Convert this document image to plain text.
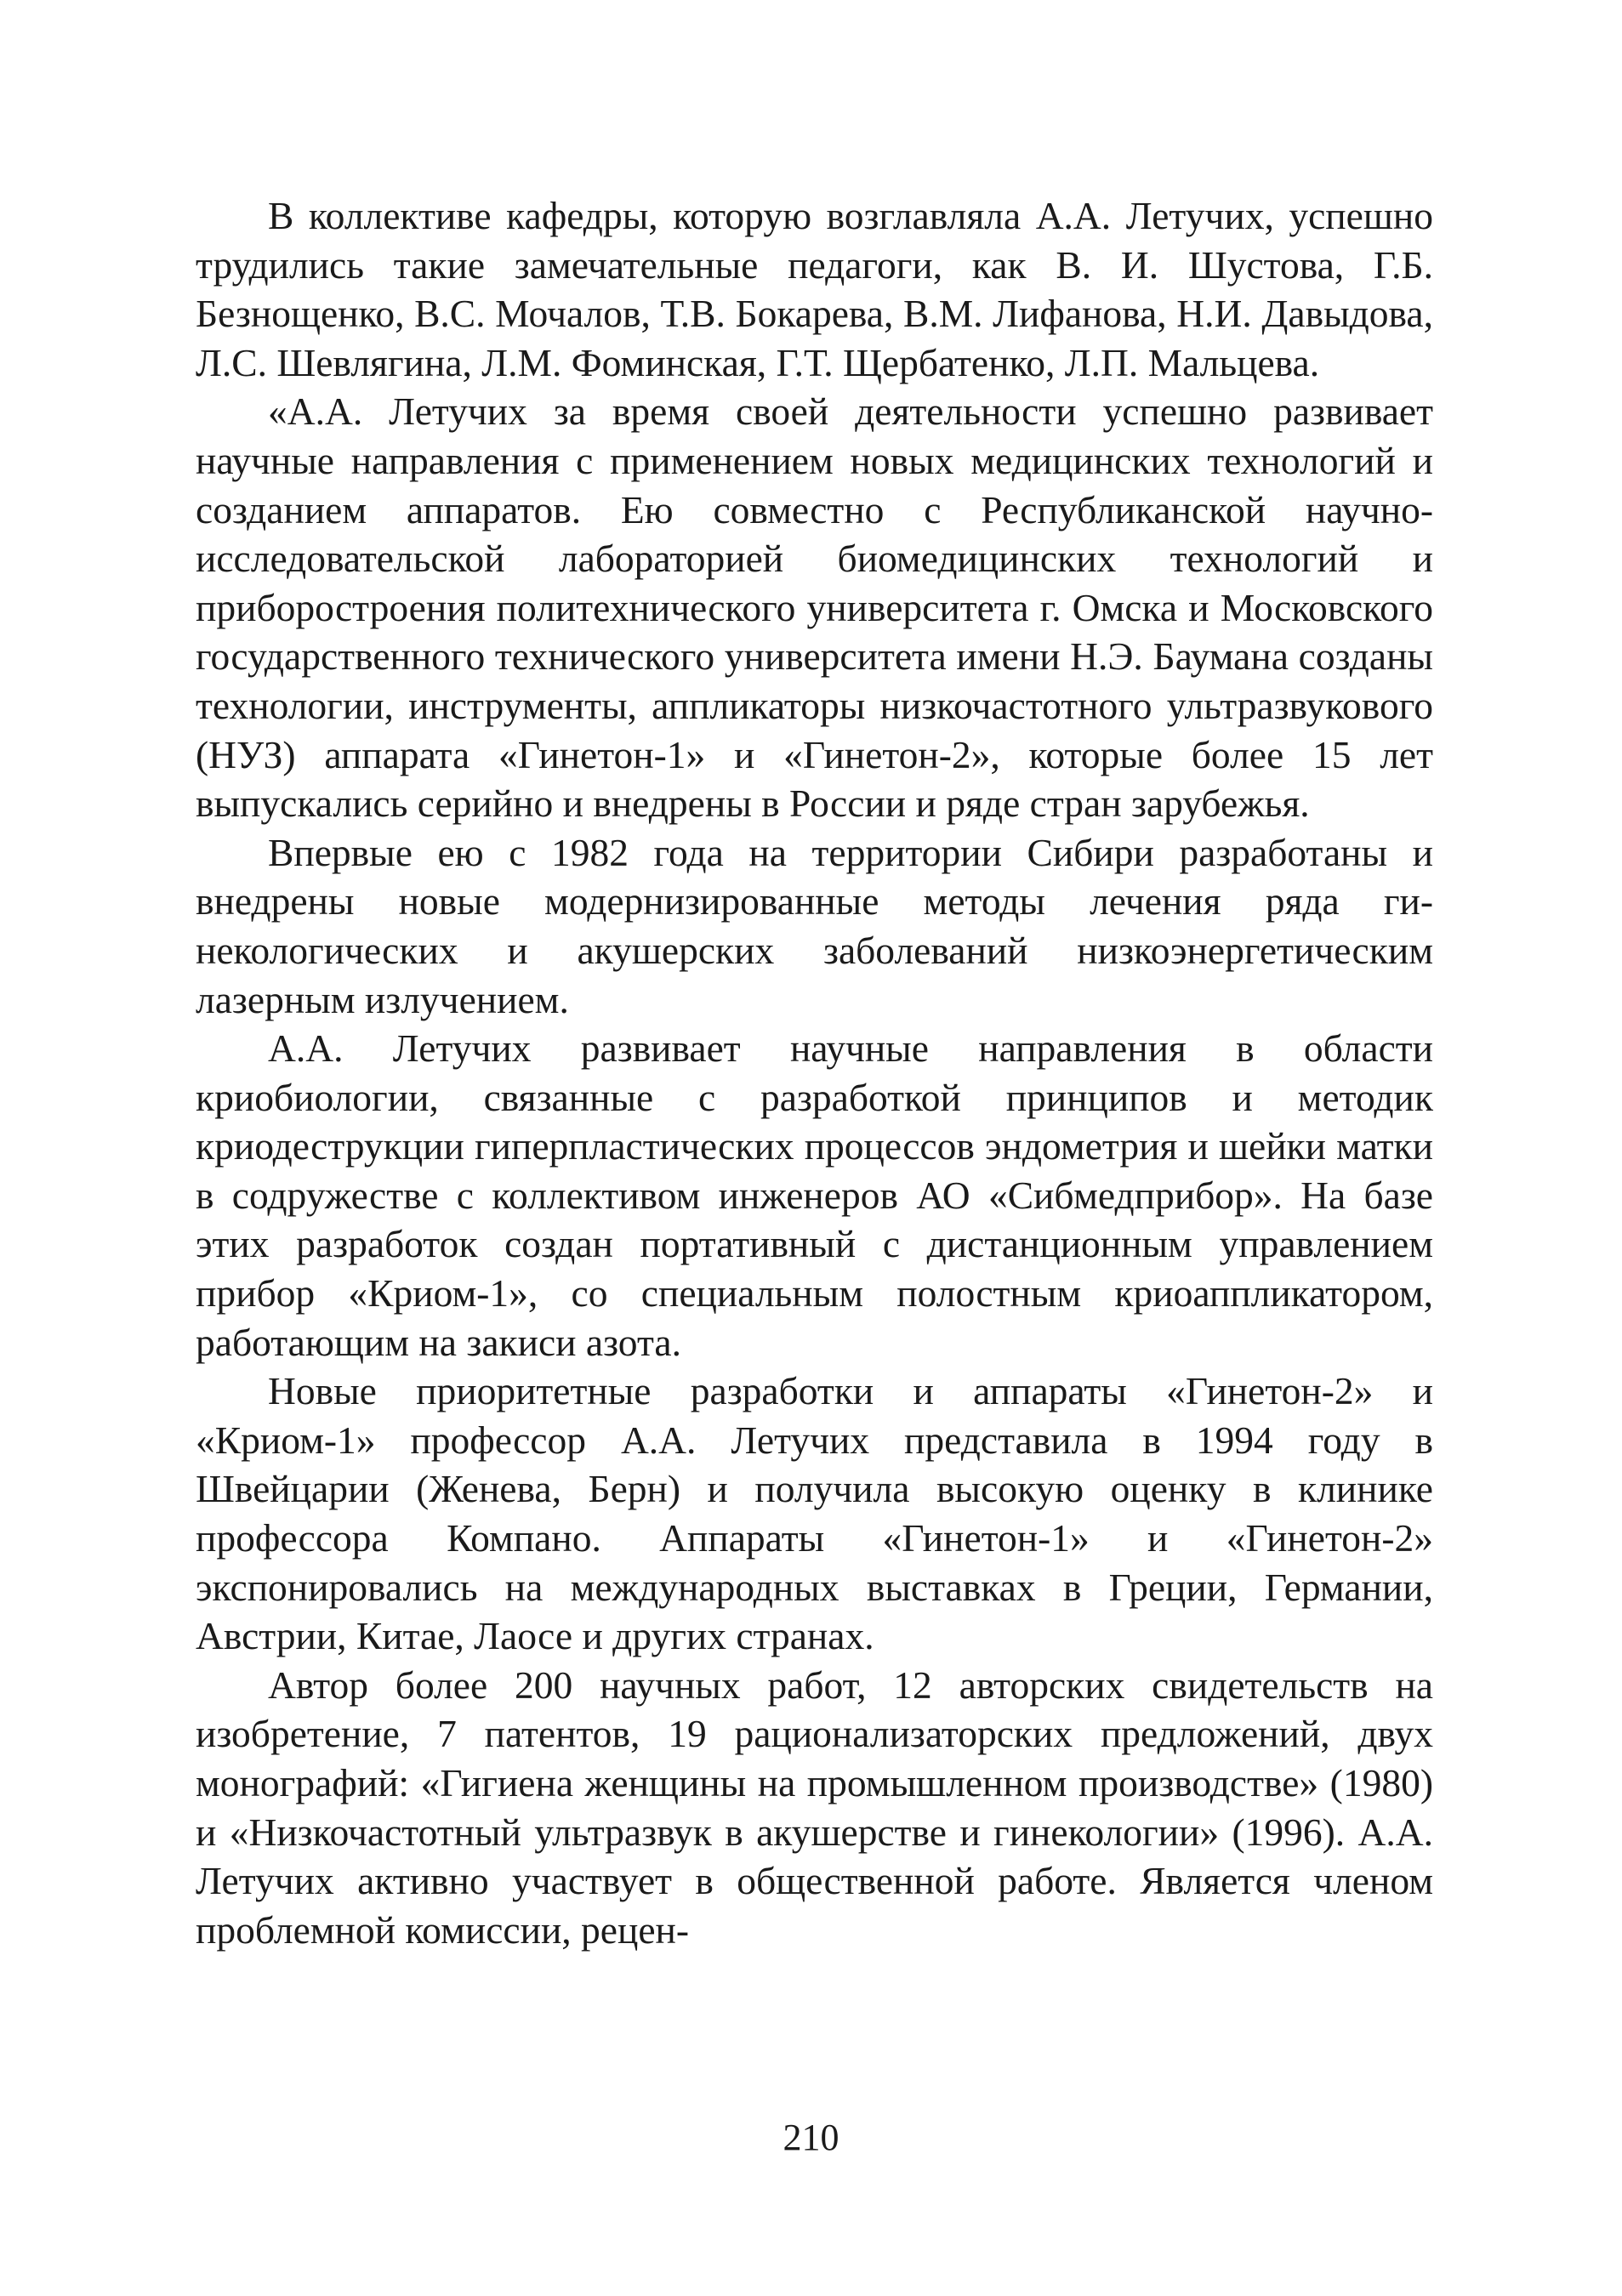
В коллективе кафедры, которую возглавляла А.А. Летучих, успешно трудились такие замечательные педагоги, как В. И. Шустова, Г.Б. Безнощенко, В.С. Мочалов, Т.В. Бокарева, В.М. Лифанова, Н.И. Давыдова, Л.С. Шевлягина, Л.М. Фоминская, Г.Т. Щербатенко, Л.П. Мальцева.

«А.А. Летучих за время своей деятельности успешно развивает научные направления с применением новых медицинских технологий и созданием аппаратов. Ею совместно с Республиканской научно-исследовательской лабораторией биомедицинских технологий и приборостроения политехнического университета г. Омска и Московского государственного технического университета имени Н.Э. Баумана созданы технологии, инструменты, аппликаторы низкочастотного ультразвукового (НУЗ) аппарата «Гинетон-1» и «Гинетон-2», которые более 15 лет выпускались серийно и внедрены в России и ряде стран зарубежья.

Впервые ею с 1982 года на территории Сибири разработаны и внедрены новые модернизированные методы лечения ряда гинекологических и акушерских заболеваний низкоэнергетическим лазерным излучением.

А.А. Летучих развивает научные направления в области криобиологии, связанные с разработкой принципов и методик криодеструкции гиперпластических процессов эндометрия и шейки матки в содружестве с коллективом инженеров АО «Сибмедприбор». На базе этих разработок создан портативный с дистанционным управлением прибор «Криом-1», со специальным полостным криоаппликатором, работающим на закиси азота.

Новые приоритетные разработки и аппараты «Гинетон-2» и «Криом-1» профессор А.А. Летучих представила в 1994 году в Швейцарии (Женева, Берн) и получила высокую оценку в клинике профессора Компано. Аппараты «Гинетон-1» и «Гинетон-2» экспонировались на международных выставках в Греции, Германии, Австрии, Китае, Лаосе и других странах.

Автор более 200 научных работ, 12 авторских свидетельств на изобретение, 7 патентов, 19 рационализаторских предложений, двух монографий: «Гигиена женщины на промышленном производстве» (1980) и «Низкочастотный ультразвук в акушерстве и гинекологии» (1996). А.А. Летучих активно участвует в общественной работе. Является членом проблемной комиссии, рецен-

210
